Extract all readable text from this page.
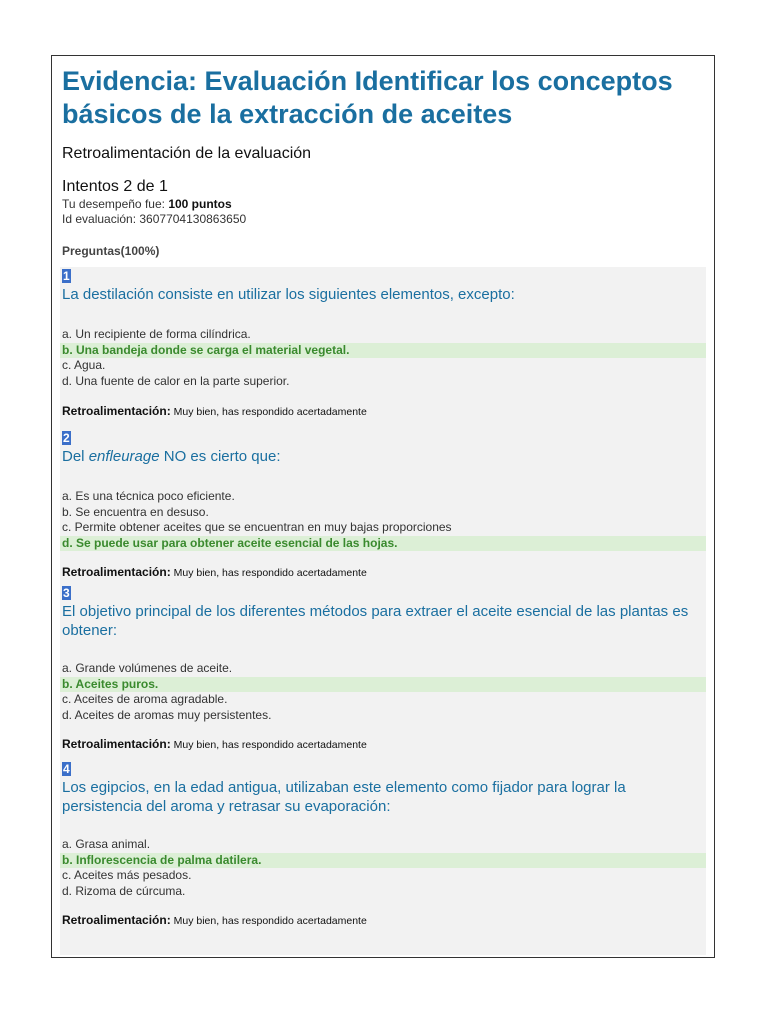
Evidencia: Evaluación Identificar los conceptos básicos de la extracción de aceites
Retroalimentación de la evaluación
Intentos 2 de 1
Tu desempeño fue: 100 puntos
Id evaluación: 3607704130863650
Preguntas(100%)
1
La destilación consiste en utilizar los siguientes elementos, excepto:
a. Un recipiente de forma cilíndrica.
b. Una bandeja donde se carga el material vegetal.
c. Agua.
d. Una fuente de calor en la parte superior.
Retroalimentación: Muy bien, has respondido acertadamente
2
Del enfleurage NO es cierto que:
a. Es una técnica poco eficiente.
b. Se encuentra en desuso.
c. Permite obtener aceites que se encuentran en muy bajas proporciones
d. Se puede usar para obtener aceite esencial de las hojas.
Retroalimentación: Muy bien, has respondido acertadamente
3
El objetivo principal de los diferentes métodos para extraer el aceite esencial de las plantas es obtener:
a. Grande volúmenes de aceite.
b. Aceites puros.
c. Aceites de aroma agradable.
d. Aceites de aromas muy persistentes.
Retroalimentación: Muy bien, has respondido acertadamente
4
Los egipcios, en la edad antigua, utilizaban este elemento como fijador para lograr la persistencia del aroma y retrasar su evaporación:
a. Grasa animal.
b. Inflorescencia de palma datilera.
c. Aceites más pesados.
d. Rizoma de cúrcuma.
Retroalimentación: Muy bien, has respondido acertadamente
